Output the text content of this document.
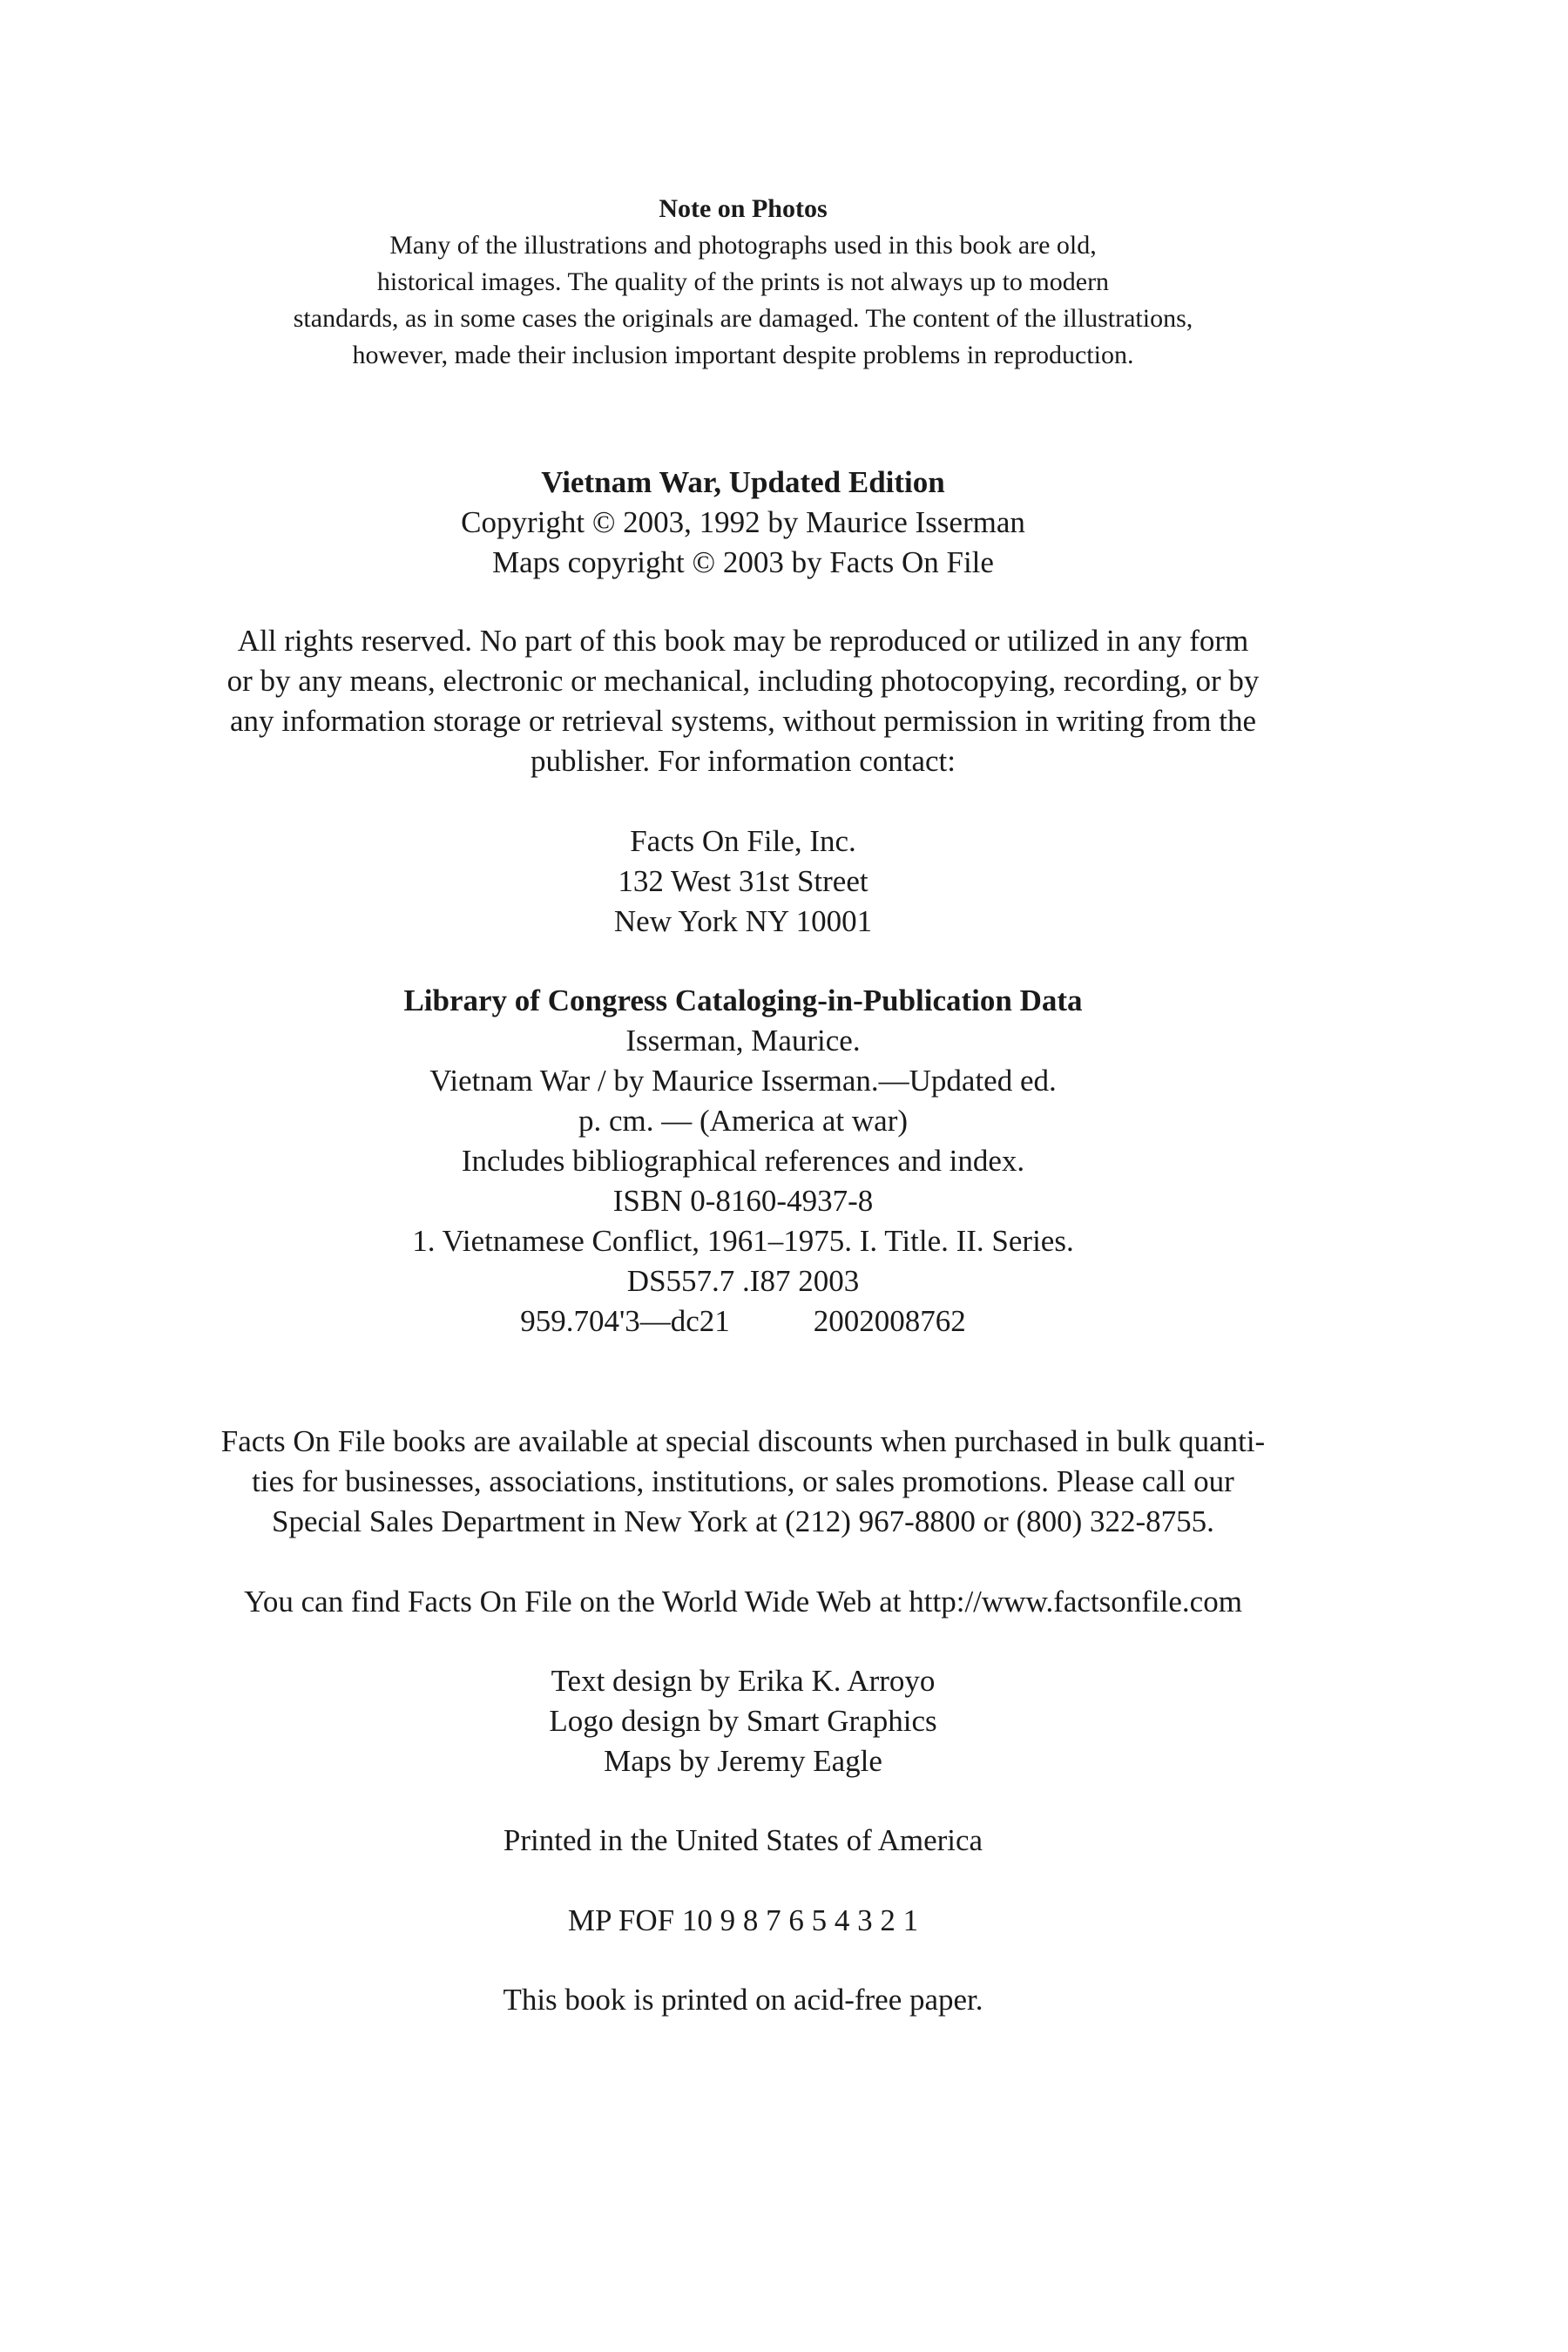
Note on Photos
Many of the illustrations and photographs used in this book are old,
historical images. The quality of the prints is not always up to modern
standards, as in some cases the originals are damaged. The content of the illustrations,
however, made their inclusion important despite problems in reproduction.
Vietnam War, Updated Edition
Copyright © 2003, 1992 by Maurice Isserman
Maps copyright © 2003 by Facts On File
All rights reserved. No part of this book may be reproduced or utilized in any form
or by any means, electronic or mechanical, including photocopying, recording, or by
any information storage or retrieval systems, without permission in writing from the
publisher. For information contact:
Facts On File, Inc.
132 West 31st Street
New York NY 10001
Library of Congress Cataloging-in-Publication Data
Isserman, Maurice.
Vietnam War / by Maurice Isserman.—Updated ed.
p. cm. — (America at war)
Includes bibliographical references and index.
ISBN 0-8160-4937-8
1. Vietnamese Conflict, 1961–1975. I. Title. II. Series.
DS557.7 .I87 2003
959.704'3—dc21	2002008762
Facts On File books are available at special discounts when purchased in bulk quanti-
ties for businesses, associations, institutions, or sales promotions. Please call our
Special Sales Department in New York at (212) 967-8800 or (800) 322-8755.
You can find Facts On File on the World Wide Web at http://www.factsonfile.com
Text design by Erika K. Arroyo
Logo design by Smart Graphics
Maps by Jeremy Eagle
Printed in the United States of America
MP FOF 10 9 8 7 6 5 4 3 2 1
This book is printed on acid-free paper.
